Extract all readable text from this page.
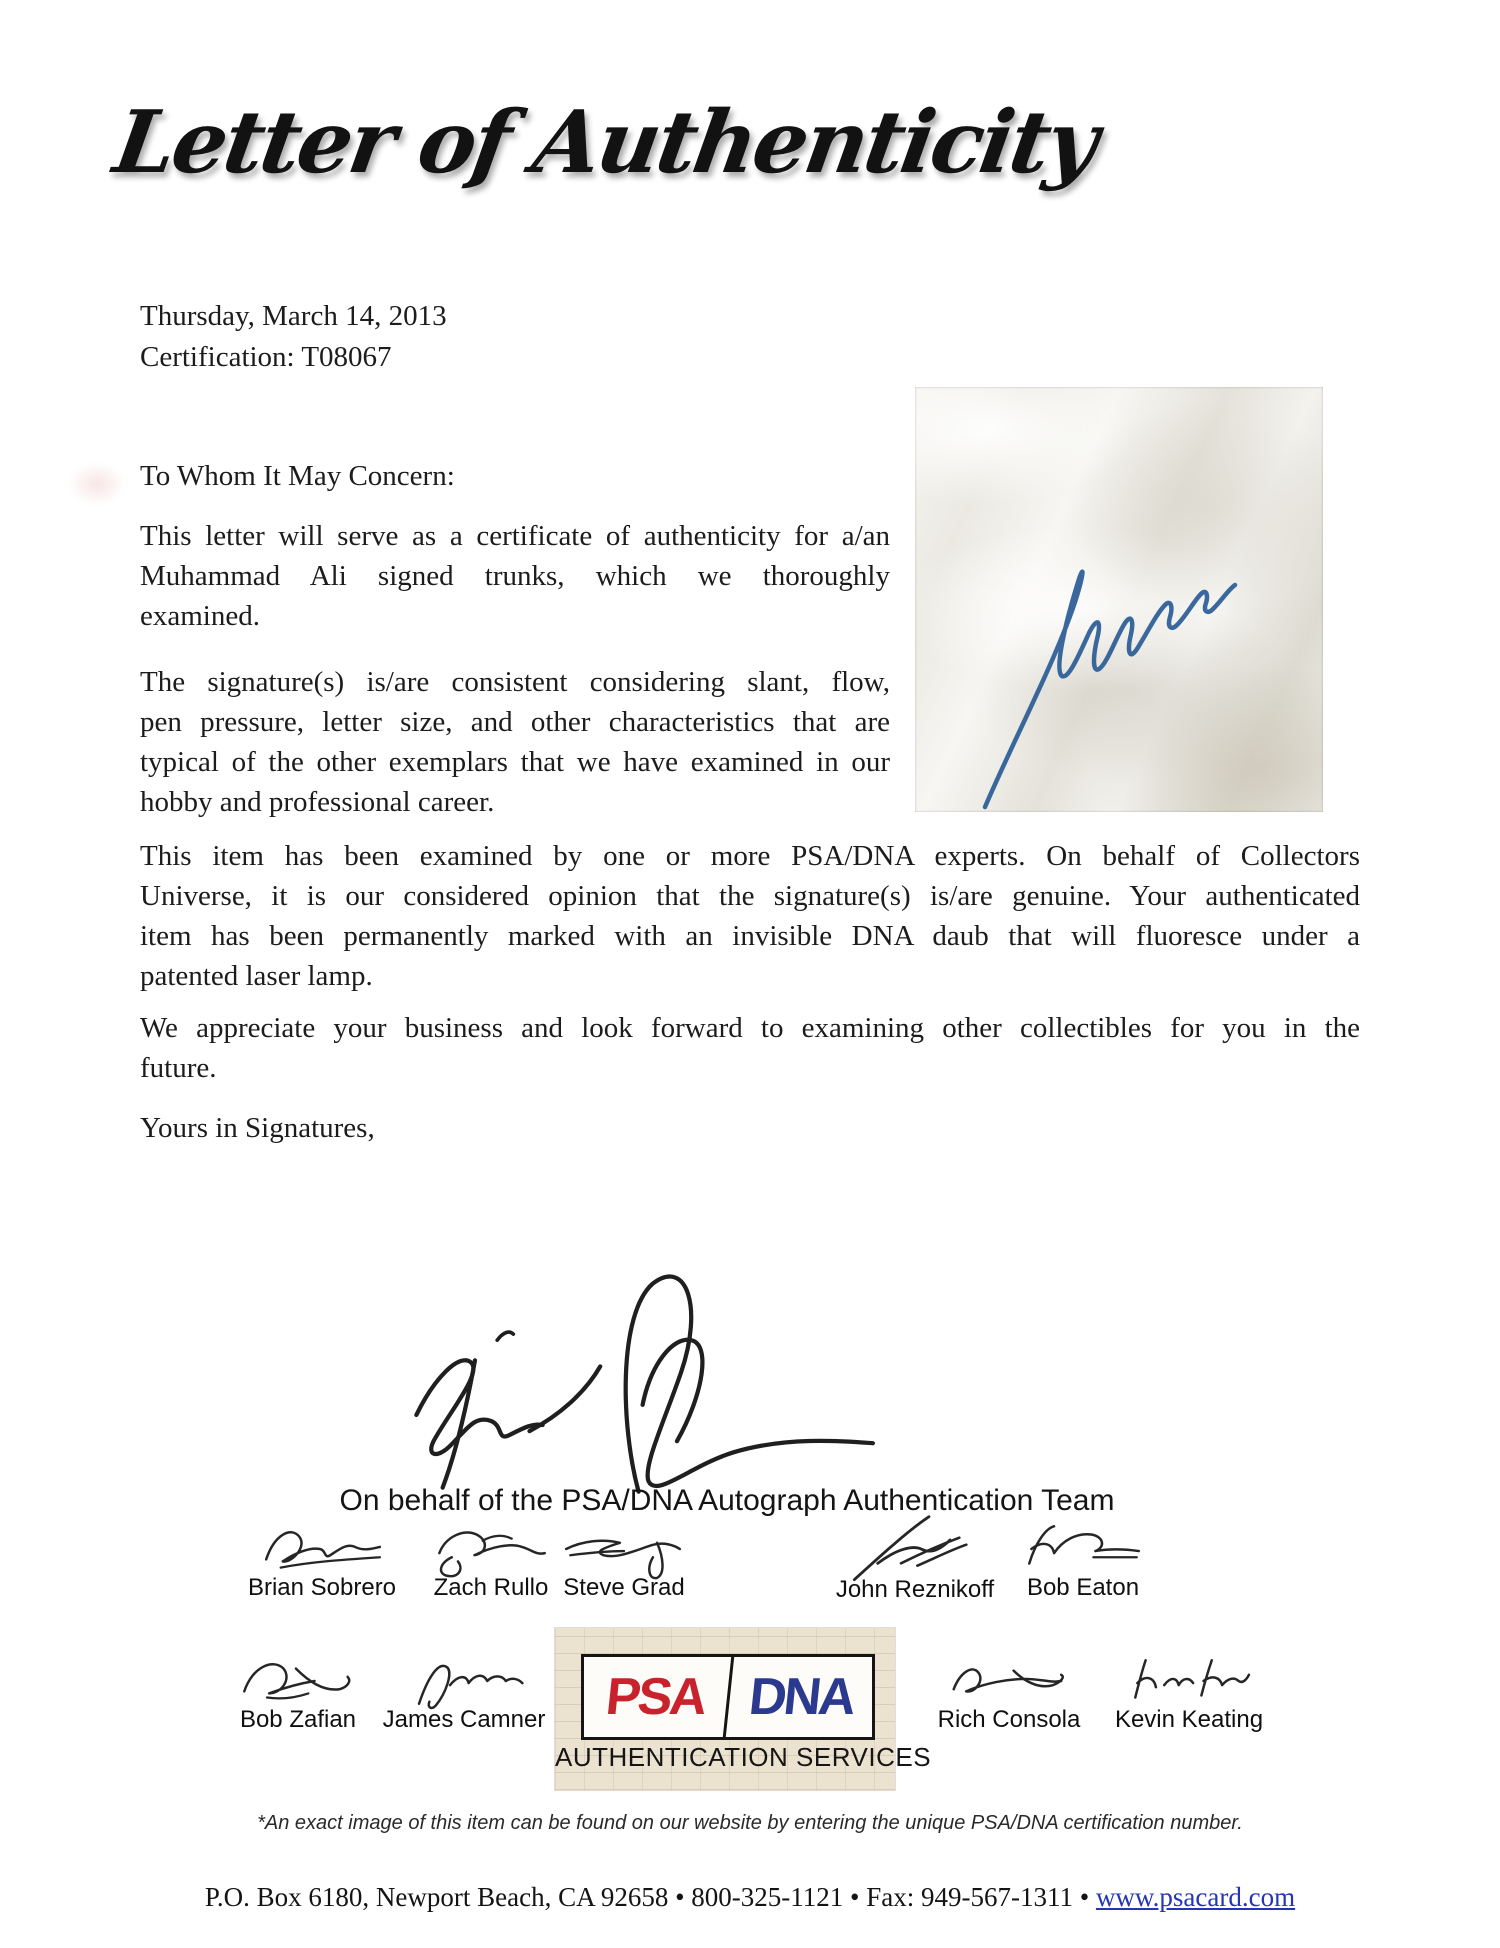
Letter of Authenticity
Thursday, March 14, 2013
Certification: T08067
To Whom It May Concern:
This letter will serve as a certificate of authenticity for a/an
Muhammad Ali signed trunks, which we thoroughly
examined.
The signature(s) is/are consistent considering slant, flow,
pen pressure, letter size, and other characteristics that are
typical of the other exemplars that we have examined in our
hobby and professional career.
This item has been examined by one or more PSA/DNA experts. On behalf of Collectors
Universe, it is our considered opinion that the signature(s) is/are genuine. Your authenticated
item has been permanently marked with an invisible DNA daub that will fluoresce under a
patented laser lamp.
We appreciate your business and look forward to examining other collectibles for you in the
future.
Yours in Signatures,
On behalf of the PSA/DNA Autograph Authentication Team
Brian Sobrero	Zach Rullo Steve Grad	John Reznikoff	Bob Eaton
Bob Zafian	James Camner	PSA DNA
AUTHENTICATION SERVICES
Rich Consola	Kevin Keating
*An exact image of this item can be found on our website by entering the unique PSA/DNA certification number.
P.O. Box 6180, Newport Beach, CA 92658 • 800-325-1121 • Fax: 949-567-1311 • www.psacard.com
